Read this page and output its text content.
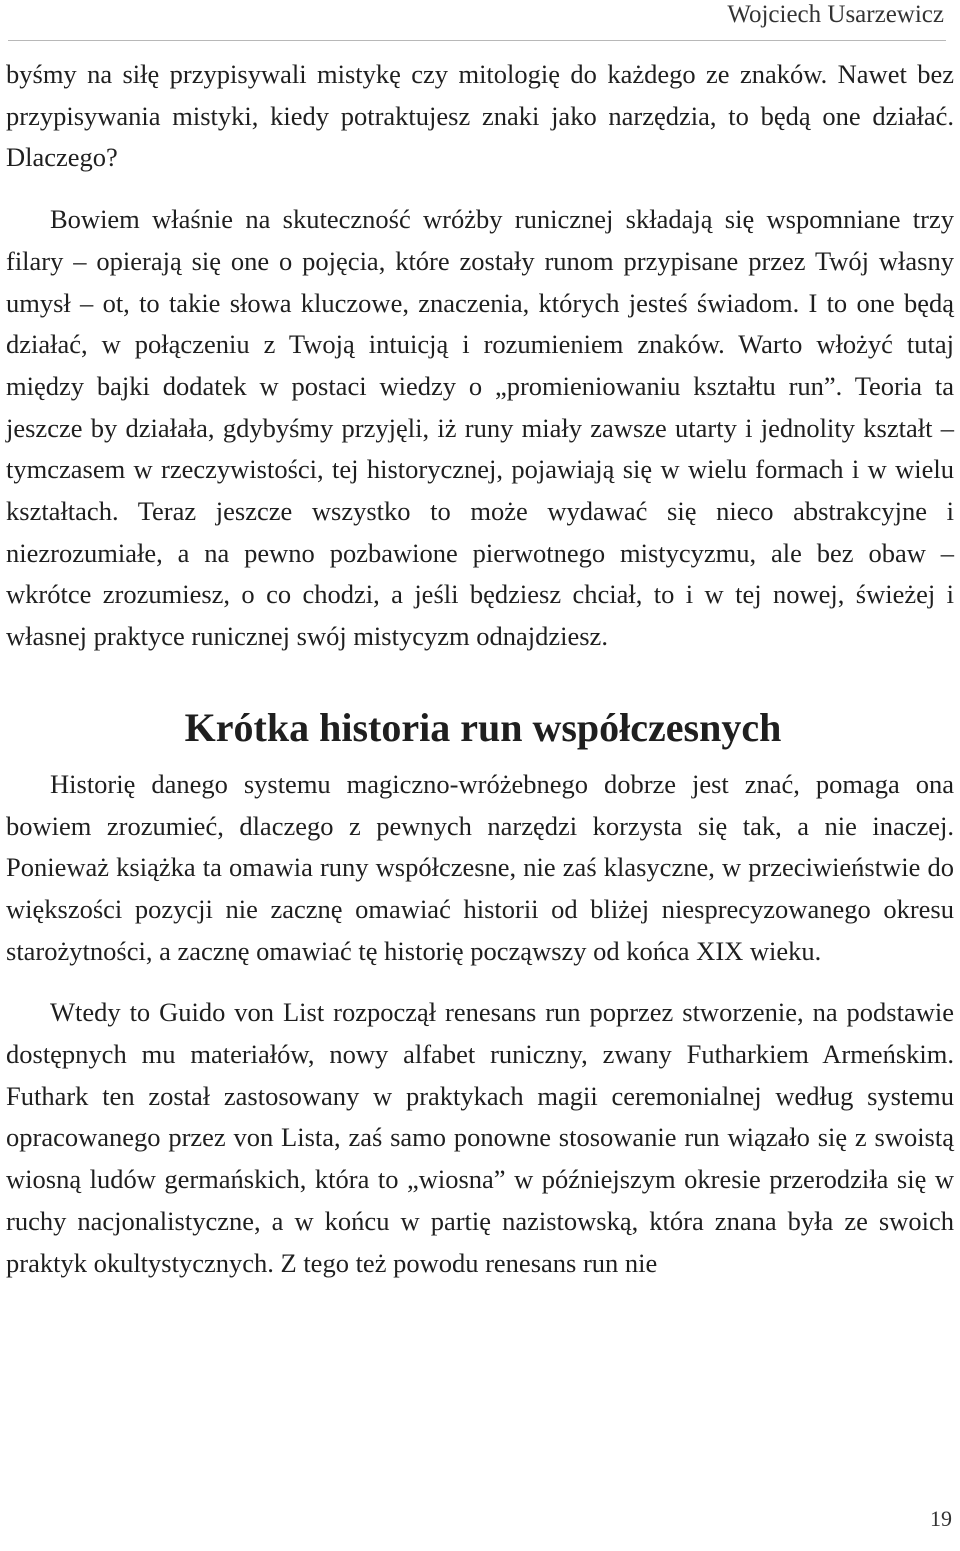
Wojciech Usarzewicz

byśmy na siłę przypisywali mistykę czy mitologię do każdego ze znaków. Nawet bez przypisywania mistyki, kiedy potraktujesz znaki jako narzędzia, to będą one działać. Dlaczego?

Bowiem właśnie na skuteczność wróżby runicznej składają się wspomniane trzy filary – opierają się one o pojęcia, które zostały runom przypisane przez Twój własny umysł – ot, to takie słowa kluczowe, znaczenia, których jesteś świadom. I to one będą działać, w połączeniu z Twoją intuicją i rozumieniem znaków. Warto włożyć tutaj między bajki dodatek w postaci wiedzy o „promieniowaniu kształtu run”. Teoria ta jeszcze by działała, gdybyśmy przyjęli, iż runy miały zawsze utarty i jednolity kształt – tymczasem w rzeczywistości, tej historycznej, pojawiają się w wielu formach i w wielu kształtach. Teraz jeszcze wszystko to może wydawać się nieco abstrakcyjne i niezrozumiałe, a na pewno pozbawione pierwotnego mistycyzmu, ale bez obaw – wkrótce zrozumiesz, o co chodzi, a jeśli będziesz chciał, to i w tej nowej, świeżej i własnej praktyce runicznej swój mistycyzm odnajdziesz.

Krótka historia run współczesnych

Historię danego systemu magiczno-wróżebnego dobrze jest znać, pomaga ona bowiem zrozumieć, dlaczego z pewnych narzędzi korzysta się tak, a nie inaczej. Ponieważ książka ta omawia runy współczesne, nie zaś klasyczne, w przeciwieństwie do większości pozycji nie zacznę omawiać historii od bliżej niesprecyzowanego okresu starożytności, a zacznę omawiać tę historię począwszy od końca XIX wieku.

Wtedy to Guido von List rozpoczął renesans run poprzez stworzenie, na podstawie dostępnych mu materiałów, nowy alfabet runiczny, zwany Futharkiem Armeńskim. Futhark ten został zastosowany w praktykach magii ceremonialnej według systemu opracowanego przez von Lista, zaś samo ponowne stosowanie run wiązało się z swoistą wiosną ludów germańskich, która to „wiosna” w późniejszym okresie przerodziła się w ruchy nacjonalistyczne, a w końcu w partię nazistowską, która znana była ze swoich praktyk okultystycznych. Z tego też powodu renesans run nie

19
